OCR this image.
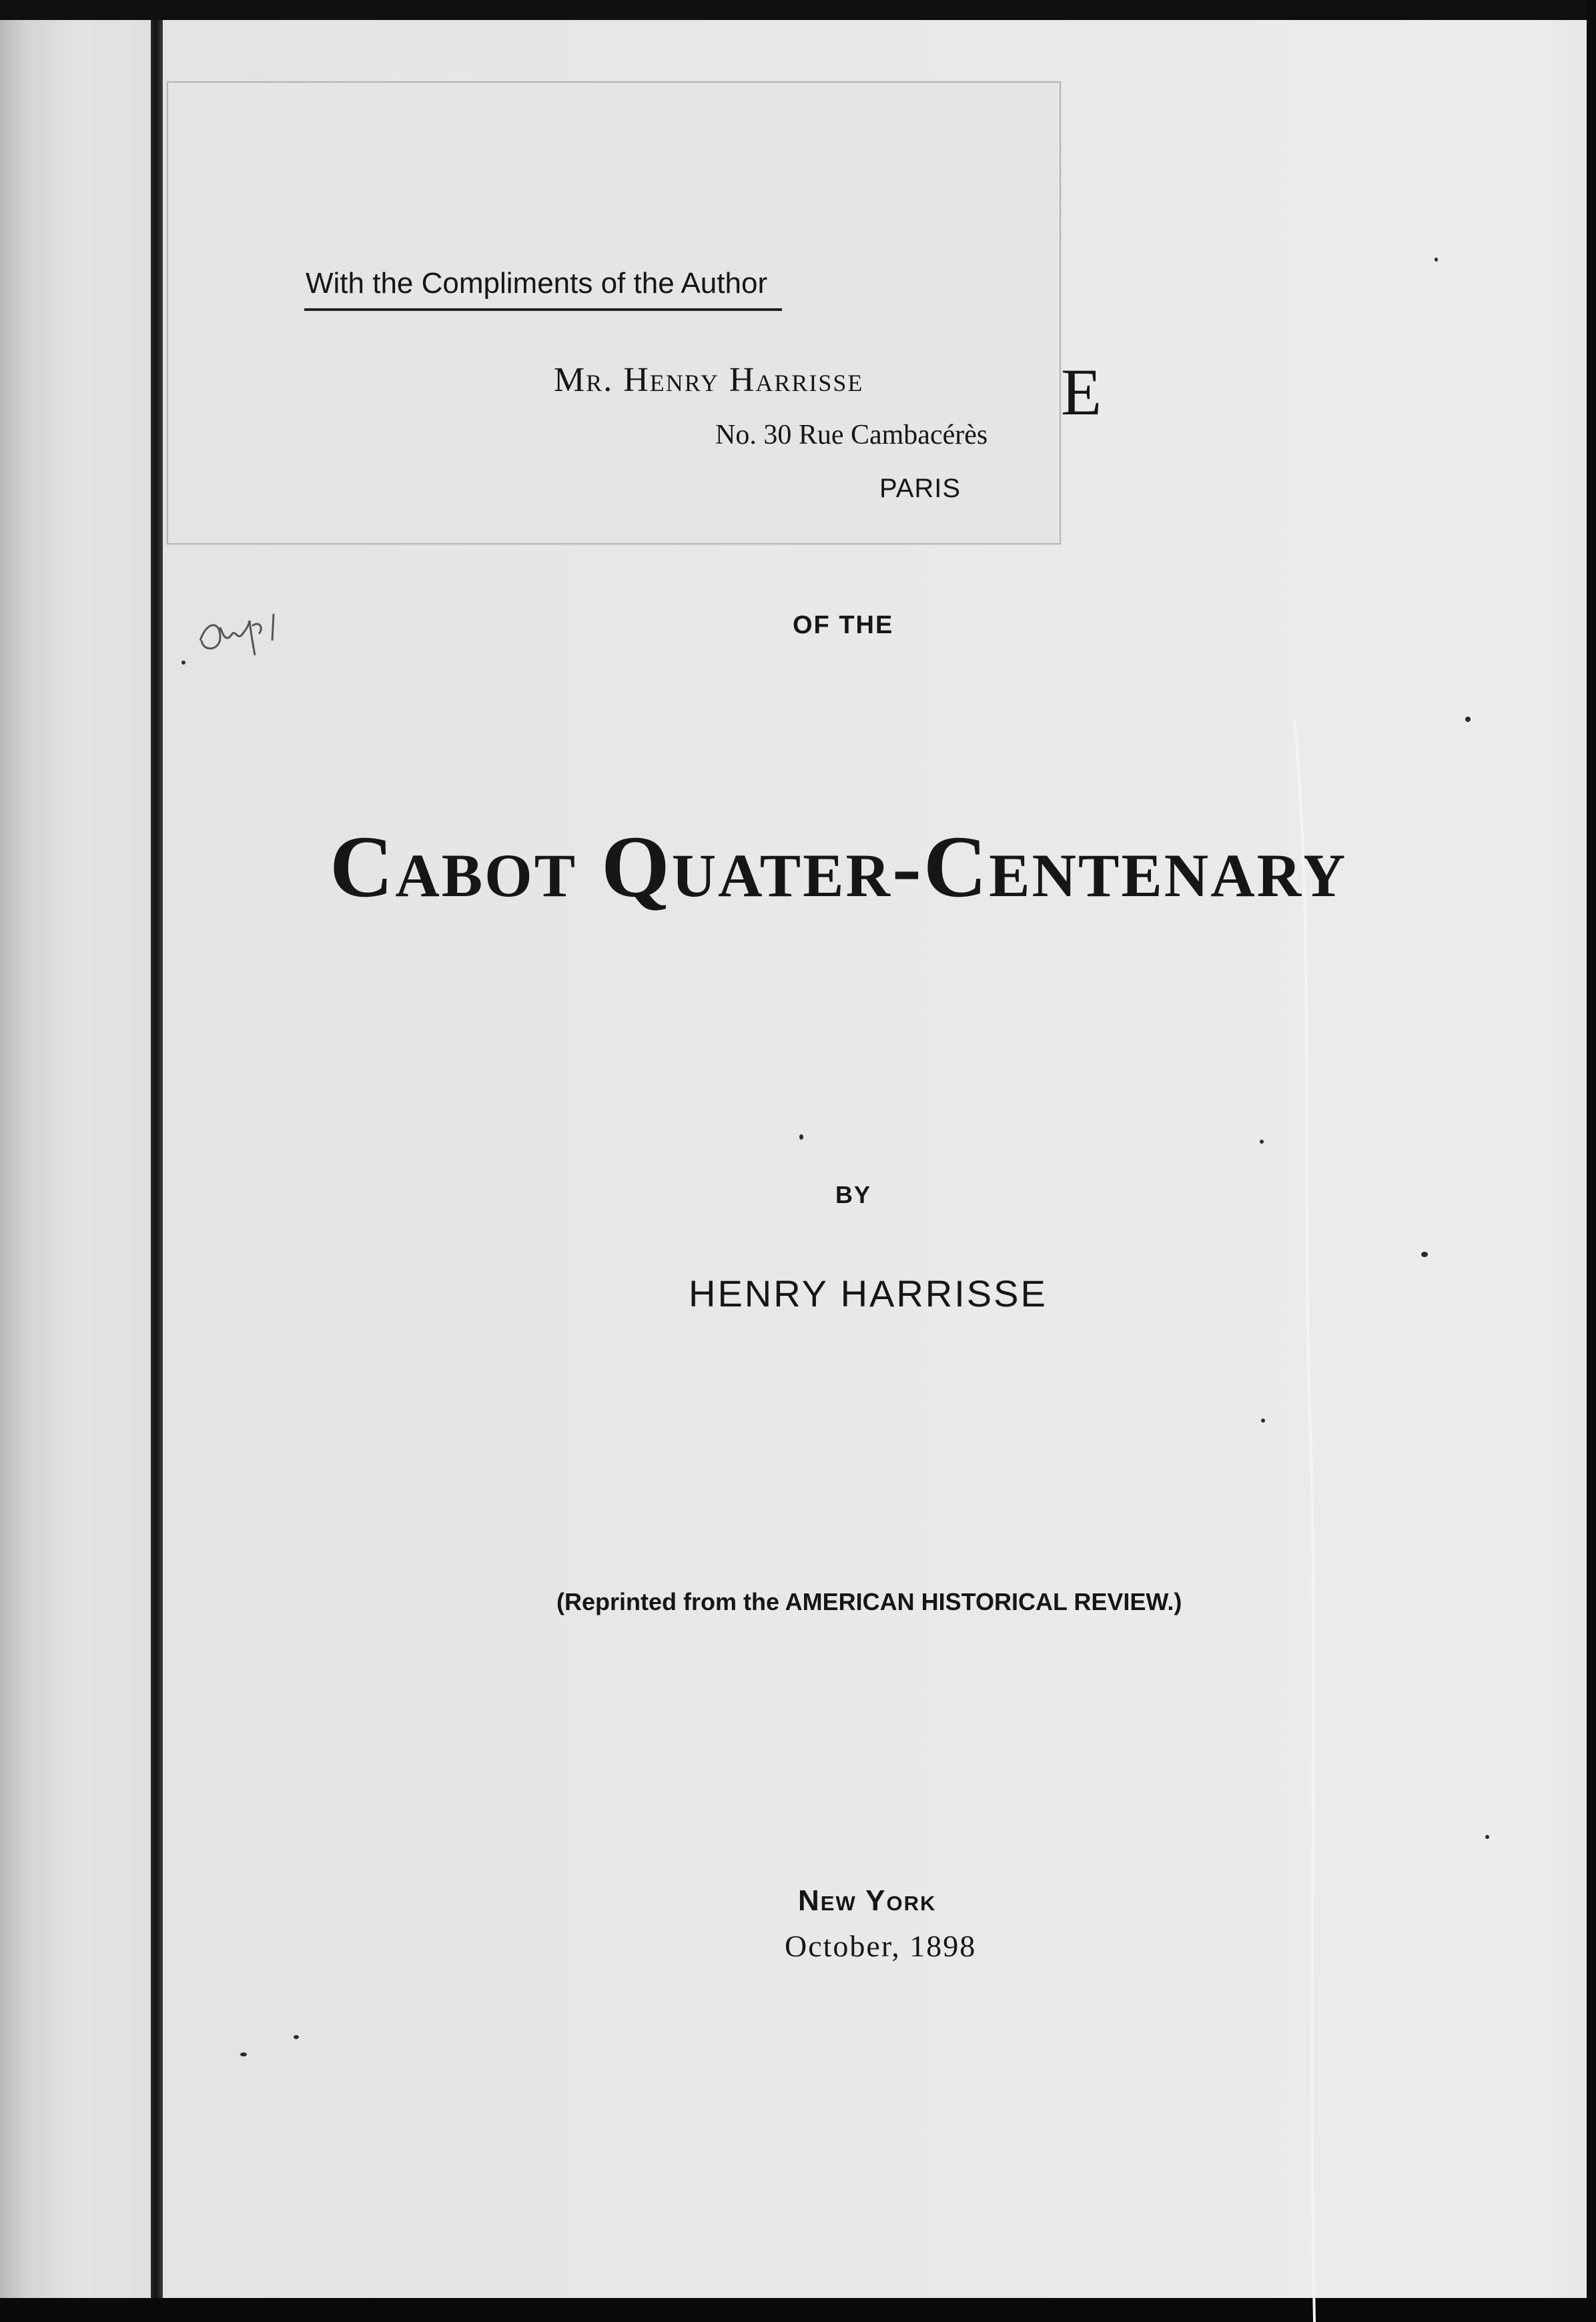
With the Compliments of the Author

Mr. Henry Harrisse

No. 30 Rue Cambacérès

PARIS

E

OF THE

Cabot Quater-Centenary

BY

HENRY HARRISSE

(Reprinted from the AMERICAN HISTORICAL REVIEW.)

New York

October, 1898
